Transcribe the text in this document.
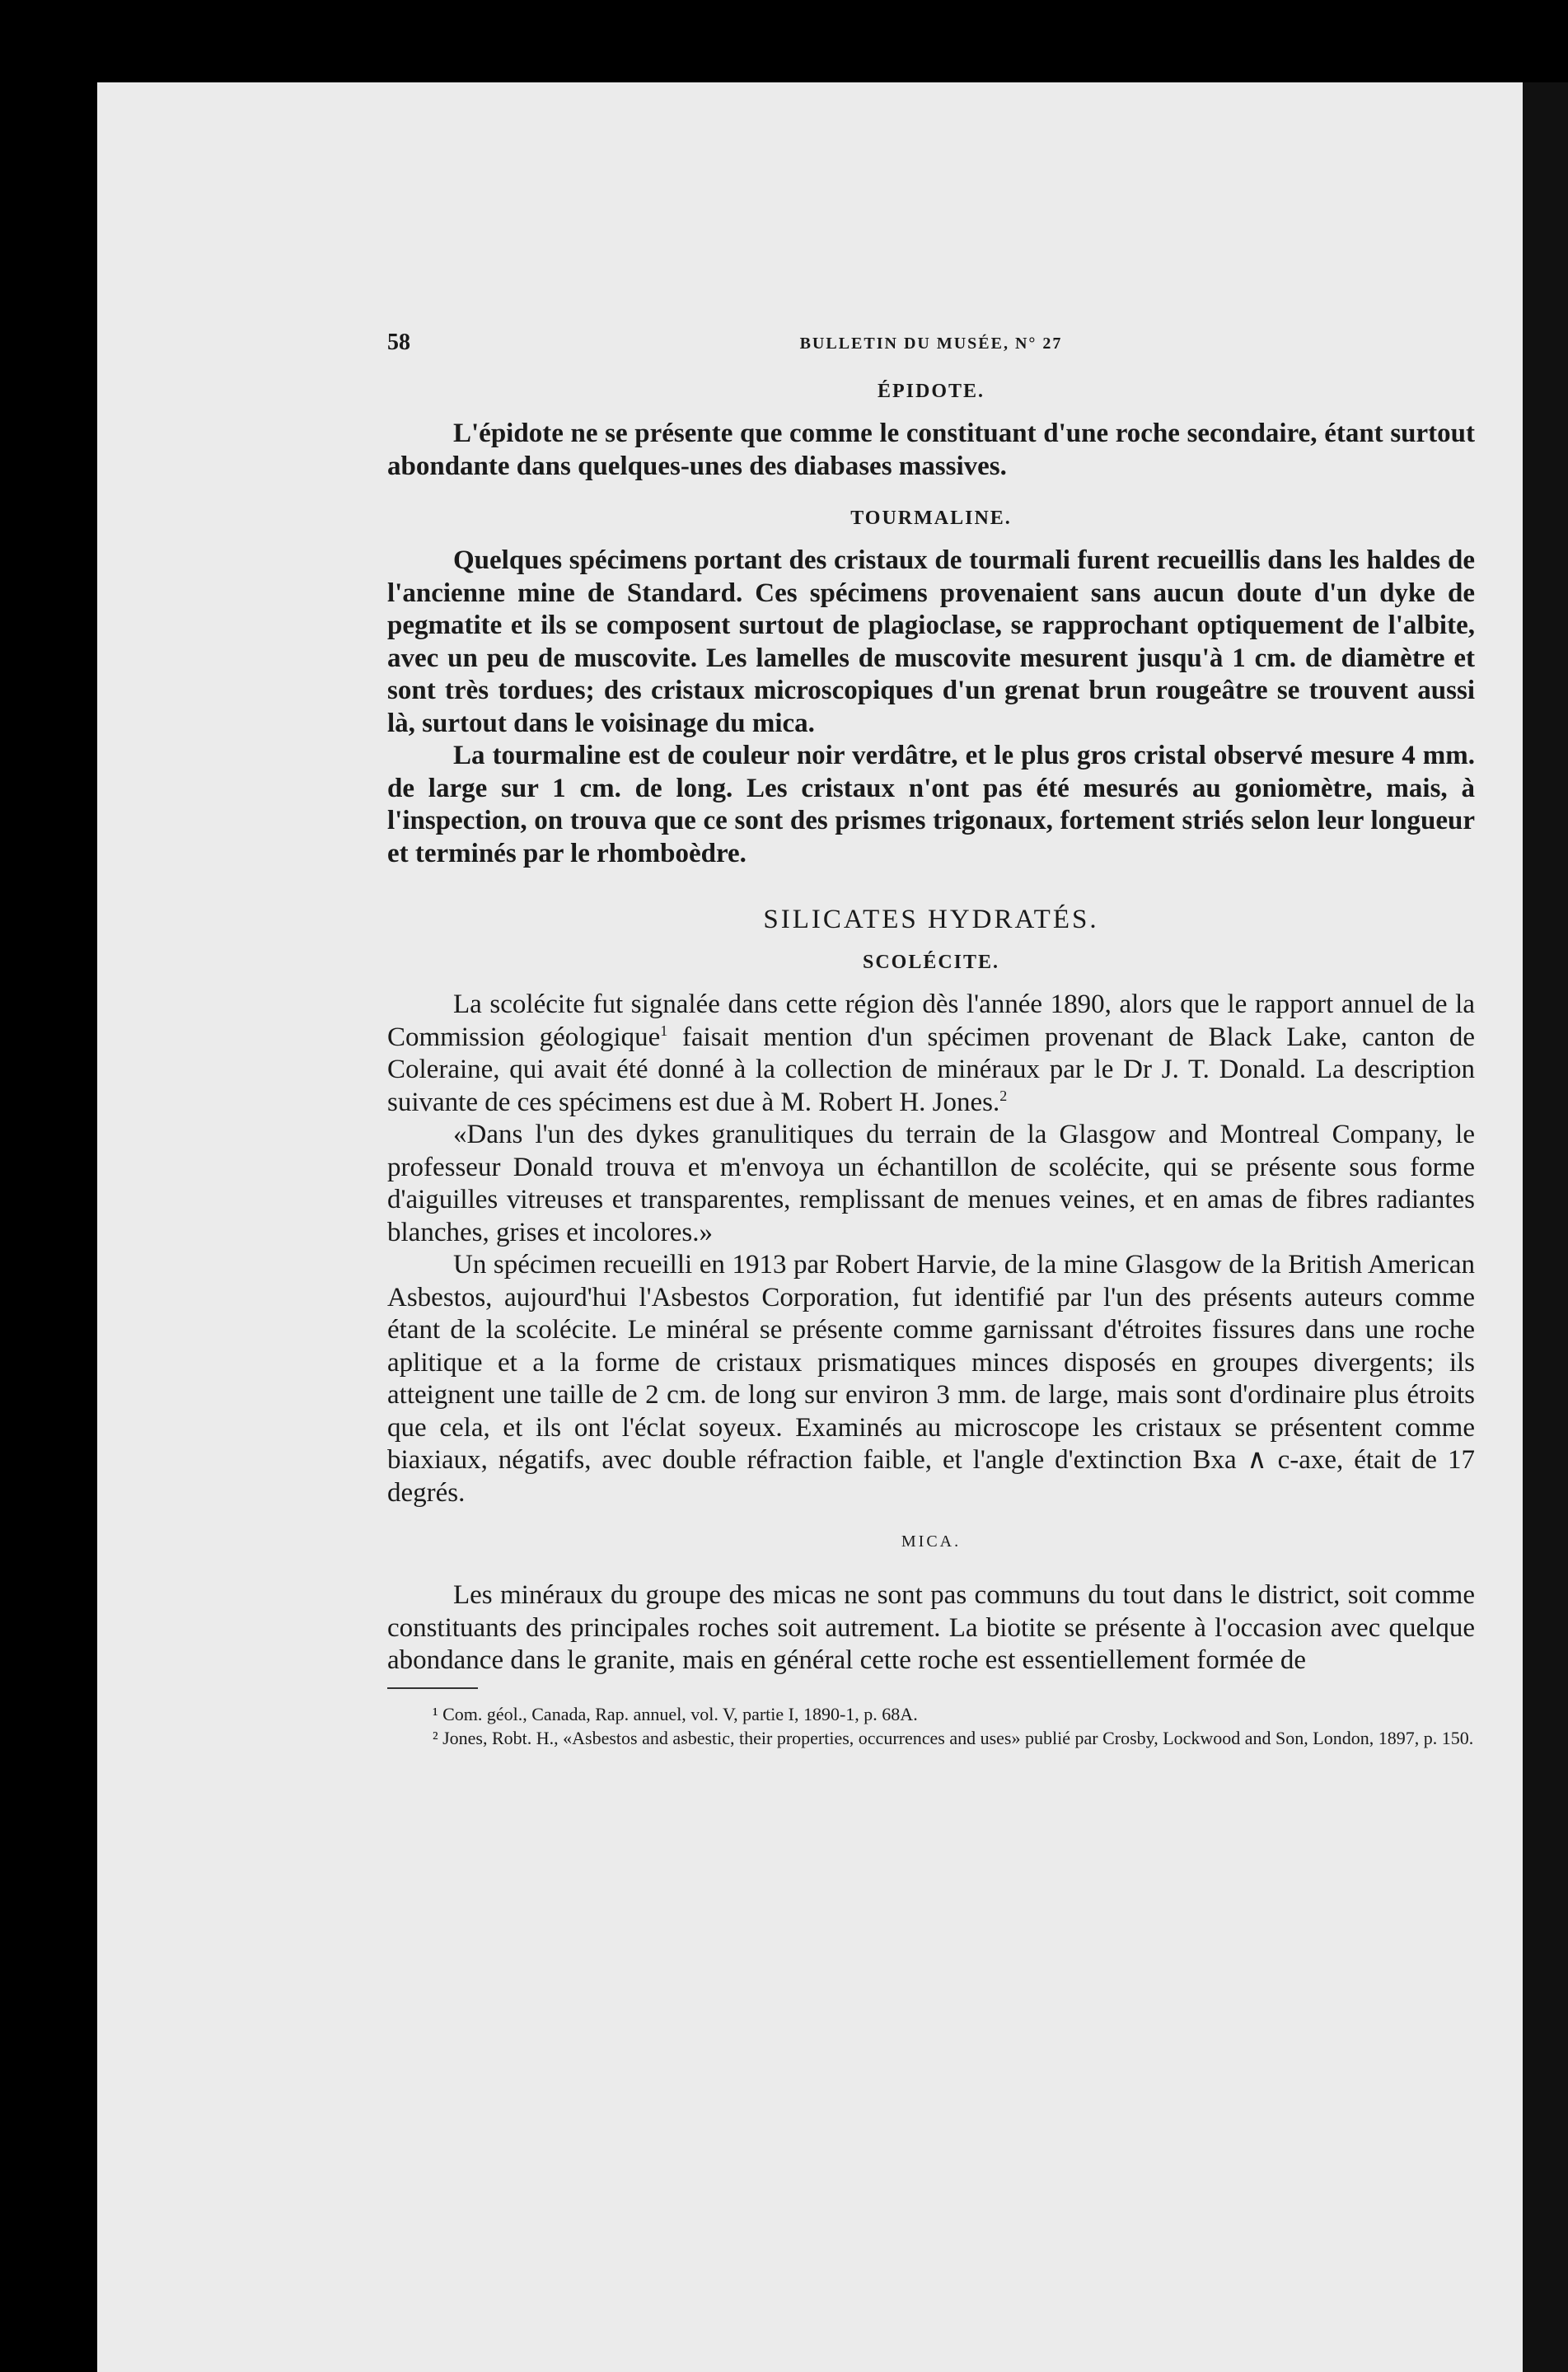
58	BULLETIN DU MUSÉE, N° 27
ÉPIDOTE.

L'épidote ne se présente que comme le constituant d'une roche secondaire, étant surtout abondante dans quelques-unes des diabases massives.

TOURMALINE.

Quelques spécimens portant des cristaux de tourmali furent recueillis dans les haldes de l'ancienne mine de Standard. Ces spécimens provenaient sans aucun doute d'un dyke de pegmatite et ils se composent surtout de plagioclase, se rapprochant optiquement de l'albite, avec un peu de muscovite. Les lamelles de muscovite mesurent jusqu'à 1 cm. de diamètre et sont très tordues; des cristaux microscopiques d'un grenat brun rougeâtre se trouvent aussi là, surtout dans le voisinage du mica.

La tourmaline est de couleur noir verdâtre, et le plus gros cristal observé mesure 4 mm. de large sur 1 cm. de long. Les cristaux n'ont pas été mesurés au goniomètre, mais, à l'inspection, on trouva que ce sont des prismes trigonaux, fortement striés selon leur longueur et terminés par le rhomboèdre.

SILICATES HYDRATÉS.
SCOLÉCITE.

La scolécite fut signalée dans cette région dès l'année 1890, alors que le rapport annuel de la Commission géologique$^1$ faisait mention d'un spécimen provenant de Black Lake, canton de Coleraine, qui avait été donné à la collection de minéraux par le Dr J. T. Donald. La description suivante de ces spécimens est due à M. Robert H. Jones.$^2$

«Dans l'un des dykes granulitiques du terrain de la Glasgow and Montreal Company, le professeur Donald trouva et m'envoya un échantillon de scolécite, qui se présente sous forme d'aiguilles vitreuses et transparentes, remplissant de menues veines, et en amas de fibres radiantes blanches, grises et incolores.»

Un spécimen recueilli en 1913 par Robert Harvie, de la mine Glasgow de la British American Asbestos, aujourd'hui l'Asbestos Corporation, fut identifié par l'un des présents auteurs comme étant de la scolécite. Le minéral se présente comme garnissant d'étroites fissures dans une roche aplitique et a la forme de cristaux prismatiques minces disposés en groupes divergents; ils atteignent une taille de 2 cm. de long sur environ 3 mm. de large, mais sont d'ordinaire plus étroits que cela, et ils ont l'éclat soyeux. Examinés au microscope les cristaux se présentent comme biaxiaux, négatifs, avec double réfraction faible, et l'angle d'extinction Bxa ∧ c-axe, était de 17 degrés.

MICA.

Les minéraux du groupe des micas ne sont pas communs du tout dans le district, soit comme constituants des principales roches soit autrement. La biotite se présente à l'occasion avec quelque abondance dans le granite, mais en général cette roche est essentiellement formée de

¹ Com. géol., Canada, Rap. annuel, vol. V, partie I, 1890-1, p. 68A.

² Jones, Robt. H., «Asbestos and asbestic, their properties, occurrences and uses» publié par Crosby, Lockwood and Son, London, 1897, p. 150.
